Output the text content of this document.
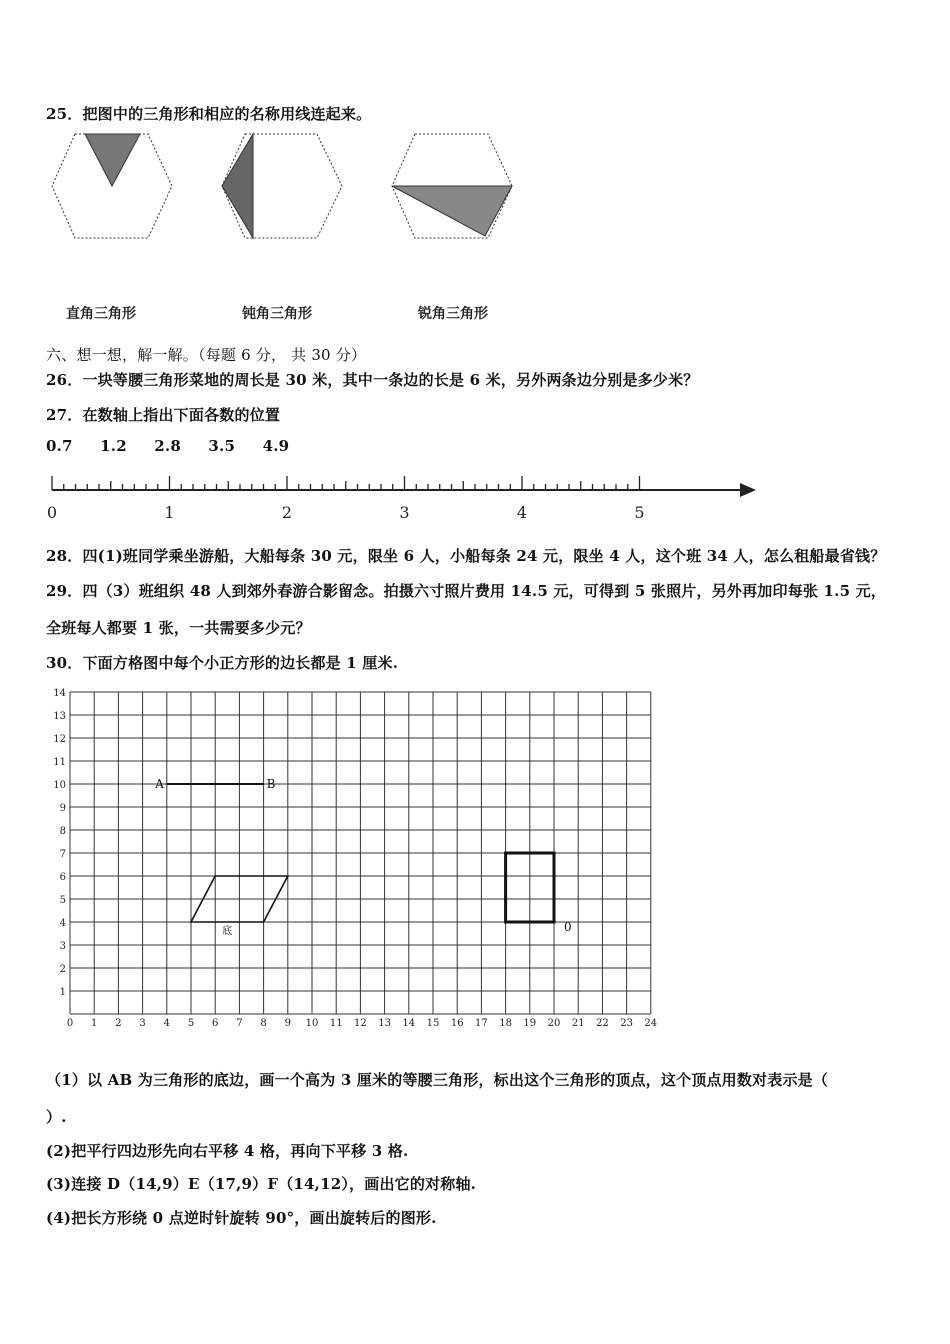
25．把图中的三角形和相应的名称用线连起来。
直角三角形	钝角三角形	锐角三角形
六、想一想，解一解。（每题 6 分， 共 30 分）
26．一块等腰三角形菜地的周长是 30 米，其中一条边的长是 6 米，另外两条边分别是多少米？
27．在数轴上指出下面各数的位置
0.7 1.2 2.8 3.5 4.9
0	1	2	3	4	5
28．四(1)班同学乘坐游船，大船每条 30 元，限坐 6 人，小船每条 24 元，限坐 4 人，这个班 34 人，怎么租船最省钱？
29．四（3）班组织 48 人到郊外春游合影留念。拍摄六寸照片费用 14.5 元，可得到 5 张照片，另外再加印每张 1.5 元，
全班每人都要 1 张，一共需要多少元？
30．下面方格图中每个小正方形的边长都是 1 厘米.
0 1 2 3 4 5 6 7 8 9 10 11 12 13 14 15 16 17 18 19 20 21 22 23 24
1
2
3
4
5
6
7
8
9
10
11
12
13
14
A	B
底	0
（1）以 AB 为三角形的底边，画一个高为 3 厘米的等腰三角形，标出这个三角形的顶点，这个顶点用数对表示是（
）.
(2)把平行四边形先向右平移 4 格，再向下平移 3 格.
(3)连接 D（14,9）E（17,9）F（14,12），画出它的对称轴.
(4)把长方形绕 0 点逆时针旋转 90°，画出旋转后的图形.
